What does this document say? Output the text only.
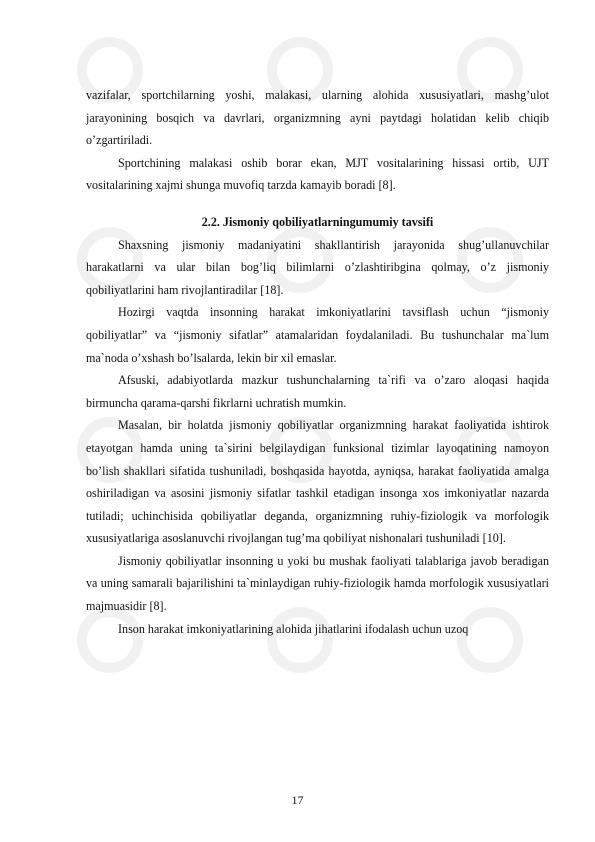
vazifalar, sportchilarning yoshi, malakasi, ularning alohida xususiyatlari, mashg’ulot jarayonining bosqich va davrlari, organizmning ayni paytdagi holatidan kelib chiqib o’zgartiriladi.

Sportchining malakasi oshib borar ekan, MJT vositalarining hissasi ortib, UJT vositalarining xajmi shunga muvofiq tarzda kamayib boradi [8].

2.2. Jismoniy qobiliyatlarningumumiy tavsifi

Shaxsning jismoniy madaniyatini shakllantirish jarayonida shug’ullanuvchilar harakatlarni va ular bilan bog’liq bilimlarni o’zlashtiribgina qolmay, o’z jismoniy qobiliyatlarini ham rivojlantiradilar [18].

Hozirgi vaqtda insonning harakat imkoniyatlarini tavsiflash uchun “jismoniy qobiliyatlar” va “jismoniy sifatlar” atamalaridan foydalaniladi. Bu tushunchalar ma`lum ma`noda o’xshash bo’lsalarda, lekin bir xil emaslar.

Afsuski, adabiyotlarda mazkur tushunchalarning ta`rifi va o’zaro aloqasi haqida birmuncha qarama-qarshi fikrlarni uchratish mumkin.

Masalan, bir holatda jismoniy qobiliyatlar organizmning harakat faoliyatida ishtirok etayotgan hamda uning ta`sirini belgilaydigan funksional tizimlar layoqatining namoyon bo’lish shakllari sifatida tushuniladi, boshqasida hayotda, ayniqsa, harakat faoliyatida amalga oshiriladigan va asosini jismoniy sifatlar tashkil etadigan insonga xos imkoniyatlar nazarda tutiladi; uchinchisida qobiliyatlar deganda, organizmning ruhiy-fiziologik va morfologik xususiyatlariga asoslanuvchi rivojlangan tug’ma qobiliyat nishonalari tushuniladi [10].

Jismoniy qobiliyatlar insonning u yoki bu mushak faoliyati talablariga javob beradigan va uning samarali bajarilishini ta`minlaydigan ruhiy-fiziologik hamda morfologik xususiyatlari majmuasidir [8].

Inson harakat imkoniyatlarining alohida jihatlarini ifodalash uchun uzoq

17
